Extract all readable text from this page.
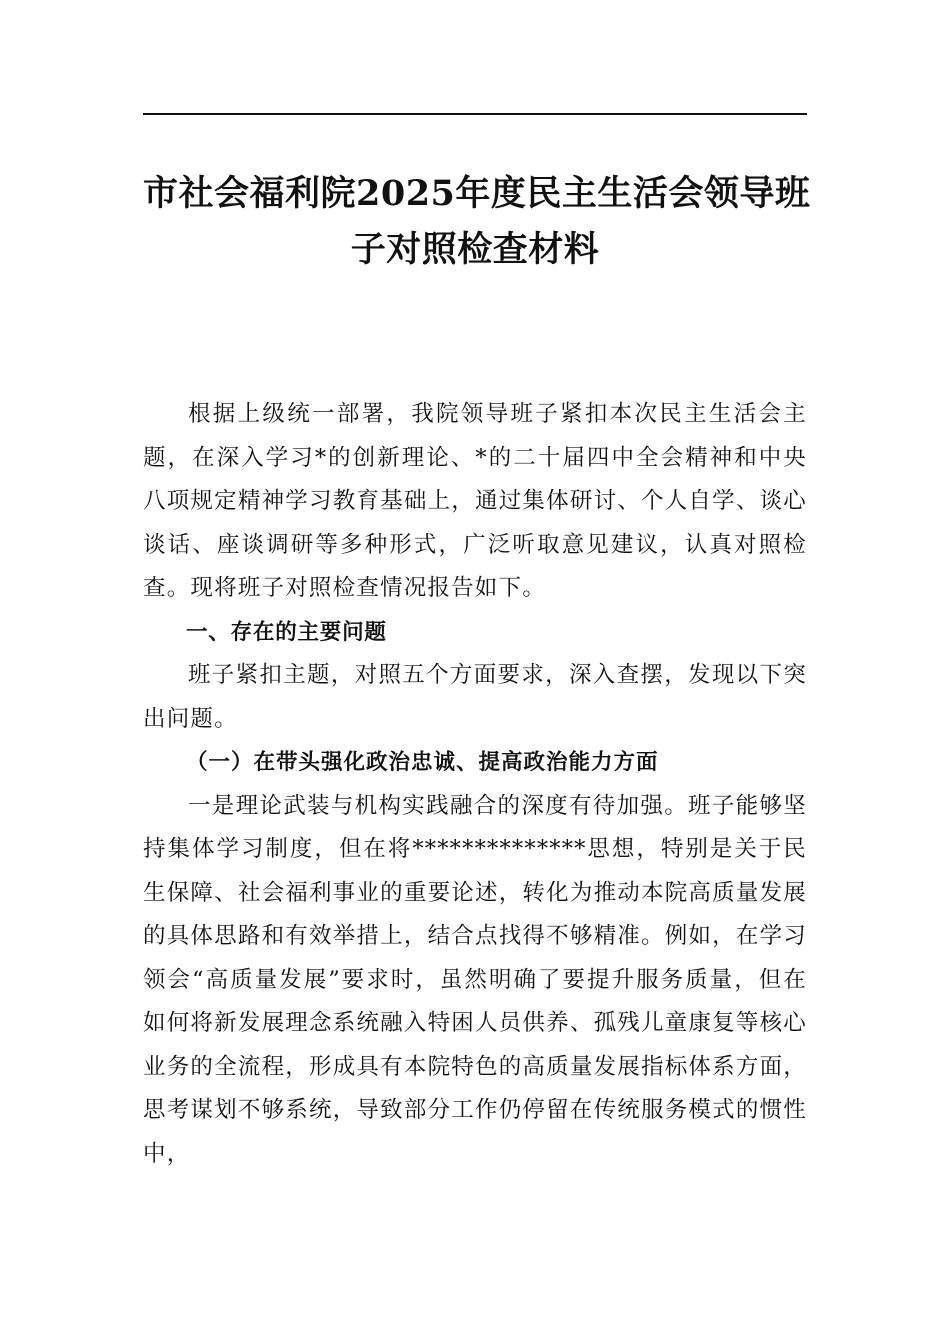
市社会福利院2025年度民主生活会领导班
子对照检查材料

根据上级统一部署，我院领导班子紧扣本次民主生活会主题，在深入学习*的创新理论、*的二十届四中全会精神和中央八项规定精神学习教育基础上，通过集体研讨、个人自学、谈心谈话、座谈调研等多种形式，广泛听取意见建议，认真对照检查。现将班子对照检查情况报告如下。

一、存在的主要问题

班子紧扣主题，对照五个方面要求，深入查摆，发现以下突出问题。

（一）在带头强化政治忠诚、提高政治能力方面

一是理论武装与机构实践融合的深度有待加强。班子能够坚持集体学习制度，但在将**************思想，特别是关于民生保障、社会福利事业的重要论述，转化为推动本院高质量发展的具体思路和有效举措上，结合点找得不够精准。例如，在学习领会“高质量发展”要求时，虽然明确了要提升服务质量，但在如何将新发展理念系统融入特困人员供养、孤残儿童康复等核心业务的全流程，形成具有本院特色的高质量发展指标体系方面，思考谋划不够系统，导致部分工作仍停留在传统服务模式的惯性中，
